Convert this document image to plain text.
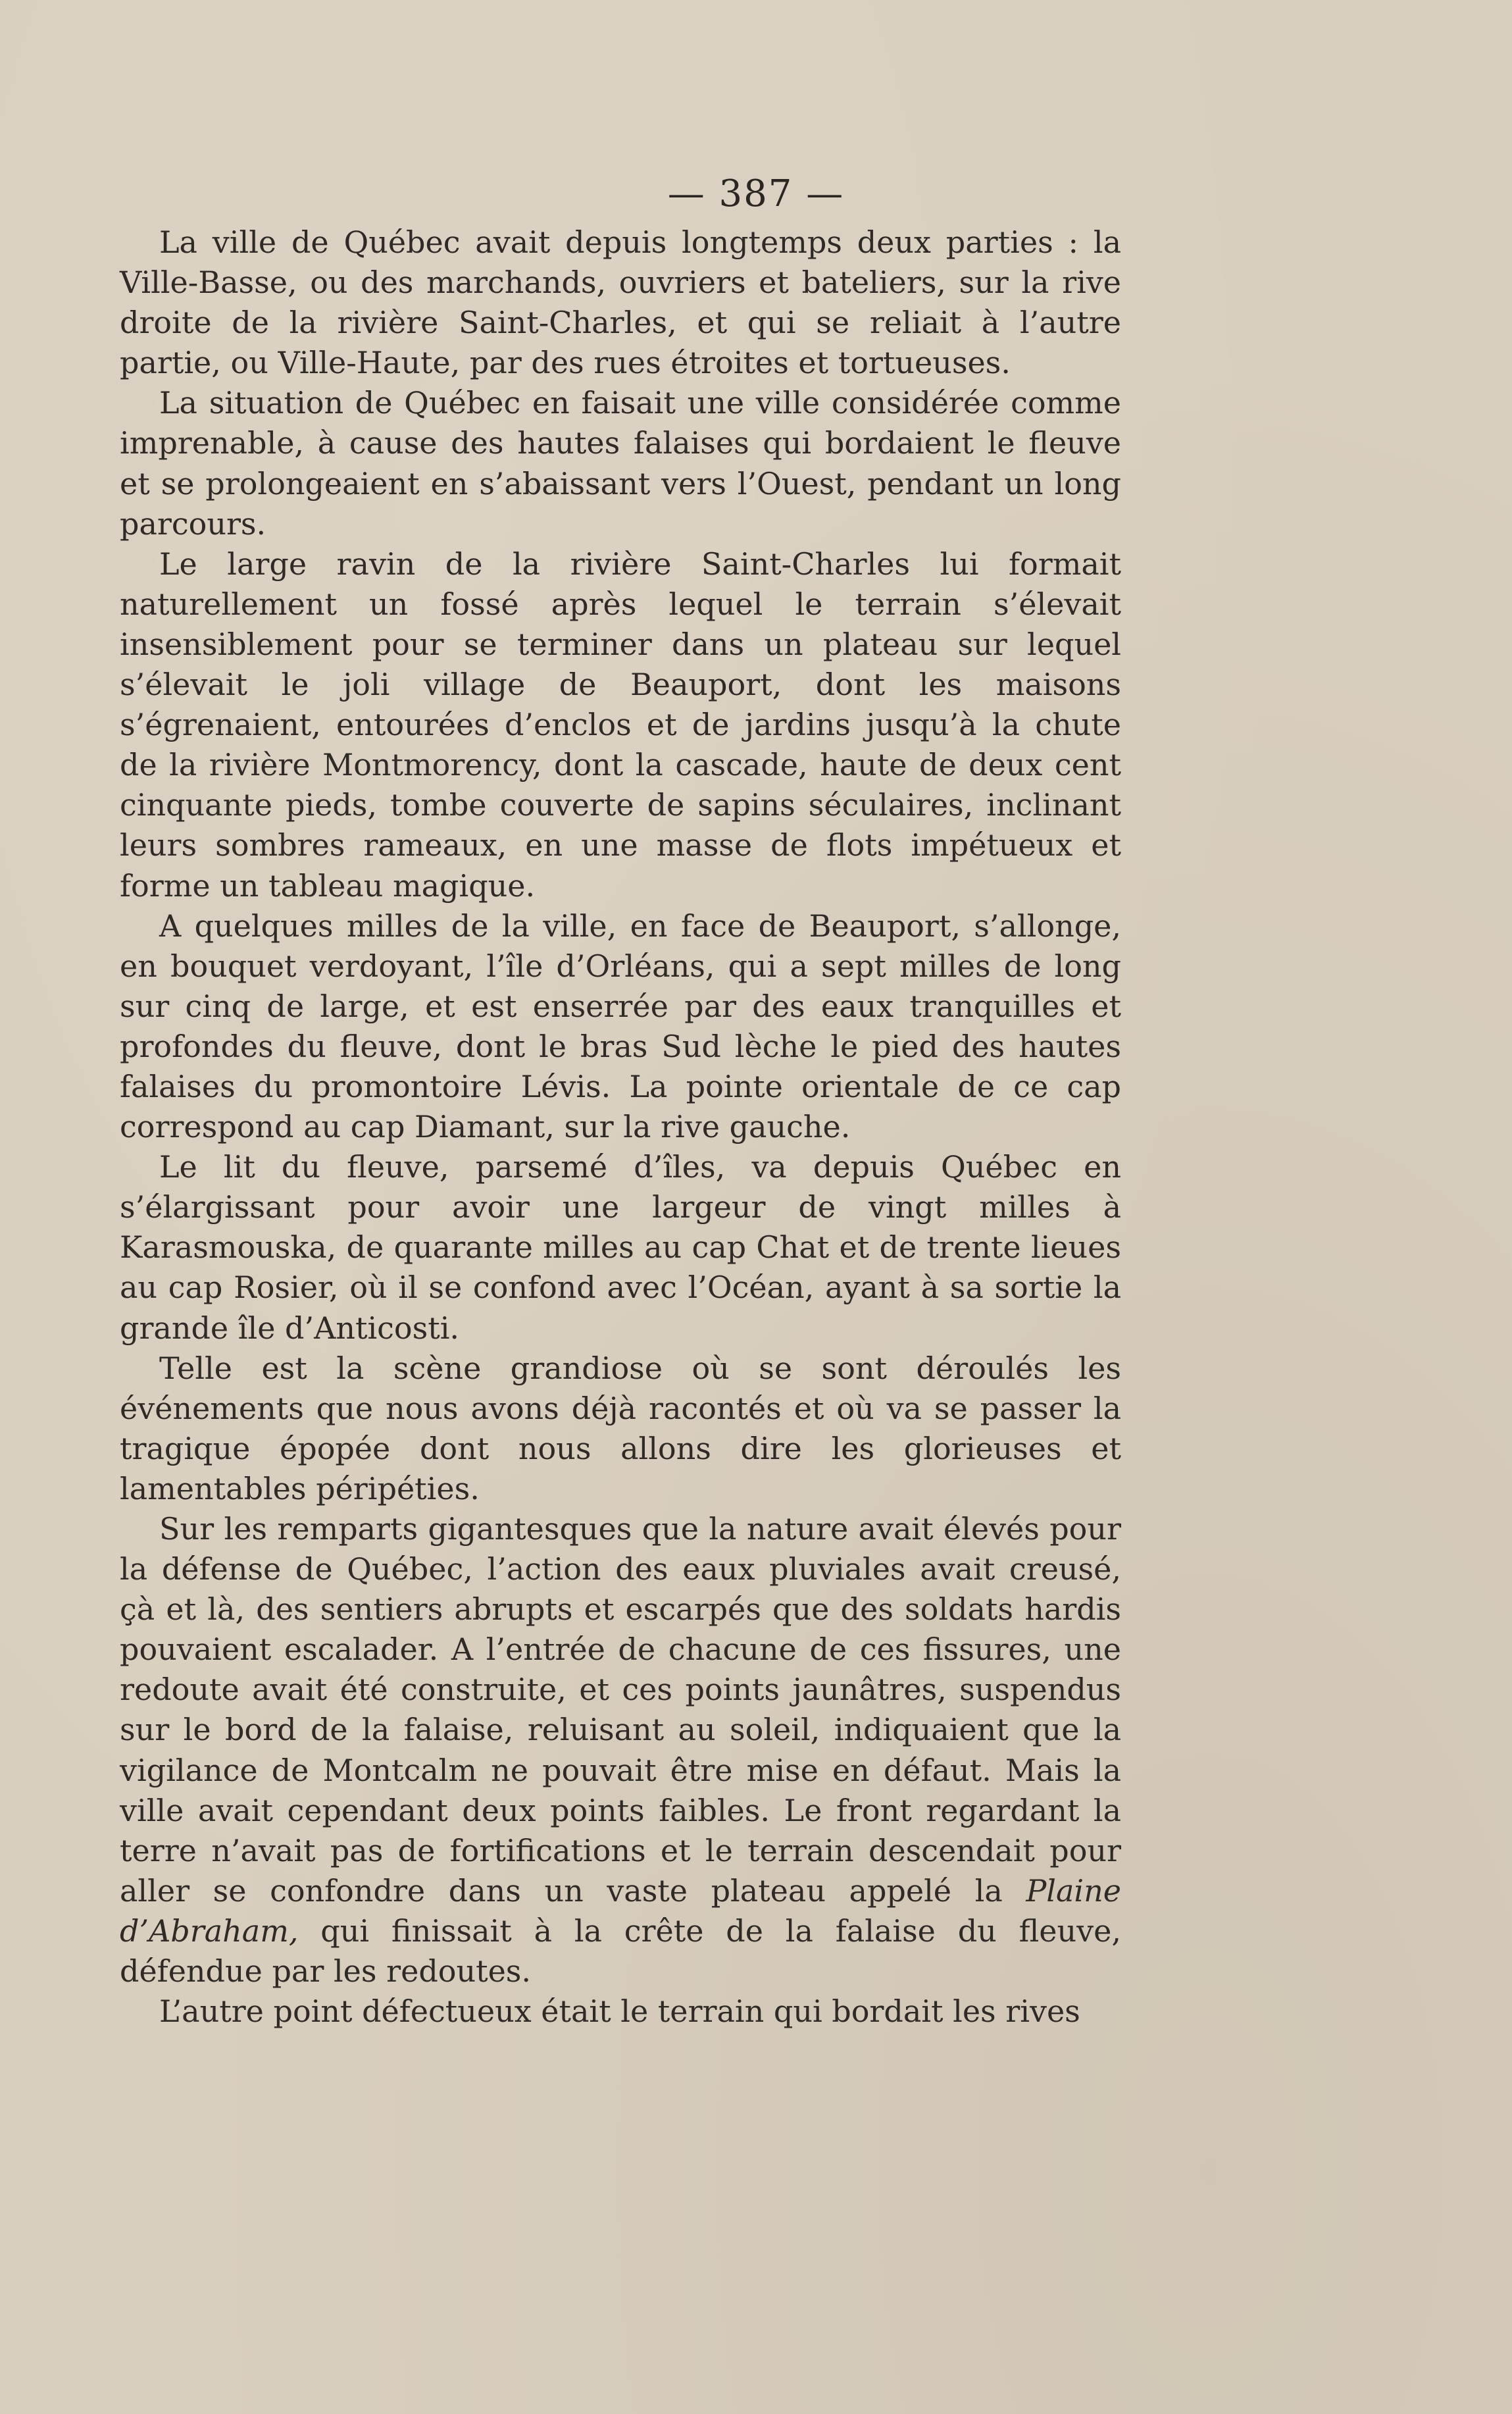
— 387 —

La ville de Québec avait depuis longtemps deux parties : la Ville-Basse, ou des marchands, ouvriers et bateliers, sur la rive droite de la rivière Saint-Charles, et qui se reliait à l’autre partie, ou Ville-Haute, par des rues étroites et tortueuses.

La situation de Québec en faisait une ville considérée comme imprenable, à cause des hautes falaises qui bordaient le fleuve et se prolongeaient en s’abaissant vers l’Ouest, pendant un long parcours.

Le large ravin de la rivière Saint-Charles lui formait naturellement un fossé après lequel le terrain s’élevait insensiblement pour se terminer dans un plateau sur lequel s’élevait le joli village de Beauport, dont les maisons s’égrenaient, entourées d’enclos et de jardins jusqu’à la chute de la rivière Montmorency, dont la cascade, haute de deux cent cinquante pieds, tombe couverte de sapins séculaires, inclinant leurs sombres rameaux, en une masse de flots impétueux et forme un tableau magique.

A quelques milles de la ville, en face de Beauport, s’allonge, en bouquet verdoyant, l’île d’Orléans, qui a sept milles de long sur cinq de large, et est enserrée par des eaux tranquilles et profondes du fleuve, dont le bras Sud lèche le pied des hautes falaises du promontoire Lévis. La pointe orientale de ce cap correspond au cap Diamant, sur la rive gauche.

Le lit du fleuve, parsemé d’îles, va depuis Québec en s’élargissant pour avoir une largeur de vingt milles à Karasmouska, de quarante milles au cap Chat et de trente lieues au cap Rosier, où il se confond avec l’Océan, ayant à sa sortie la grande île d’Anticosti.

Telle est la scène grandiose où se sont déroulés les événements que nous avons déjà racontés et où va se passer la tragique épopée dont nous allons dire les glorieuses et lamentables péripéties.

Sur les remparts gigantesques que la nature avait élevés pour la défense de Québec, l’action des eaux pluviales avait creusé, çà et là, des sentiers abrupts et escarpés que des soldats hardis pouvaient escalader. A l’entrée de chacune de ces fissures, une redoute avait été construite, et ces points jaunâtres, suspendus sur le bord de la falaise, reluisant au soleil, indiquaient que la vigilance de Montcalm ne pouvait être mise en défaut. Mais la ville avait cependant deux points faibles. Le front regardant la terre n’avait pas de fortifications et le terrain descendait pour aller se confondre dans un vaste plateau appelé la Plaine d’Abraham, qui finissait à la crête de la falaise du fleuve, défendue par les redoutes.

L’autre point défectueux était le terrain qui bordait les rives
